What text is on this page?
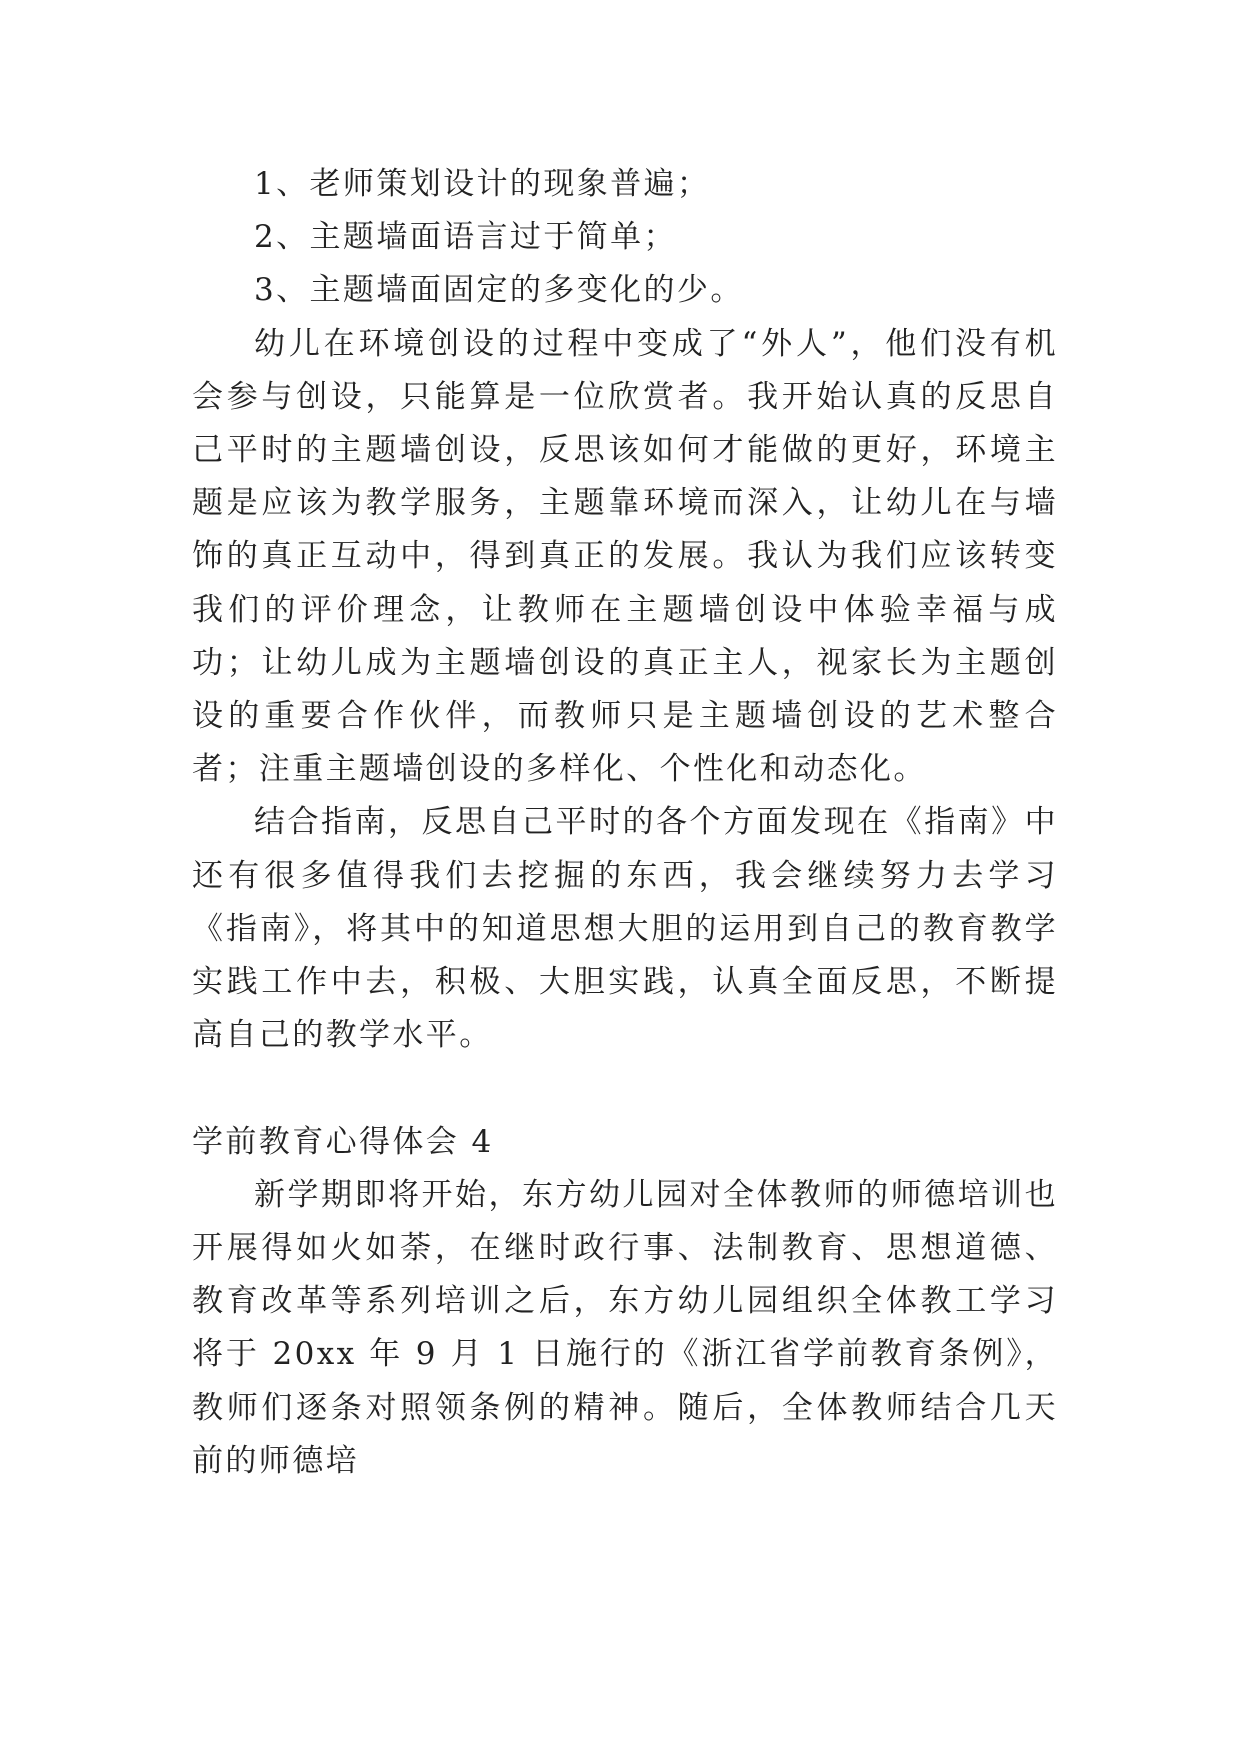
1、老师策划设计的现象普遍；

2、主题墙面语言过于简单；

3、主题墙面固定的多变化的少。

幼儿在环境创设的过程中变成了“外人”，他们没有机会参与创设，只能算是一位欣赏者。我开始认真的反思自己平时的主题墙创设，反思该如何才能做的更好，环境主题是应该为教学服务，主题靠环境而深入，让幼儿在与墙饰的真正互动中，得到真正的发展。我认为我们应该转变我们的评价理念，让教师在主题墙创设中体验幸福与成功；让幼儿成为主题墙创设的真正主人，视家长为主题创设的重要合作伙伴，而教师只是主题墙创设的艺术整合者；注重主题墙创设的多样化、个性化和动态化。

结合指南，反思自己平时的各个方面发现在《指南》中还有很多值得我们去挖掘的东西，我会继续努力去学习《指南》，将其中的知道思想大胆的运用到自己的教育教学实践工作中去，积极、大胆实践，认真全面反思，不断提高自己的教学水平。

学前教育心得体会 4

新学期即将开始，东方幼儿园对全体教师的师德培训也开展得如火如荼，在继时政行事、法制教育、思想道德、教育改革等系列培训之后，东方幼儿园组织全体教工学习将于 20xx 年 9 月 1 日施行的《浙江省学前教育条例》，教师们逐条对照领条例的精神。随后，全体教师结合几天前的师德培
